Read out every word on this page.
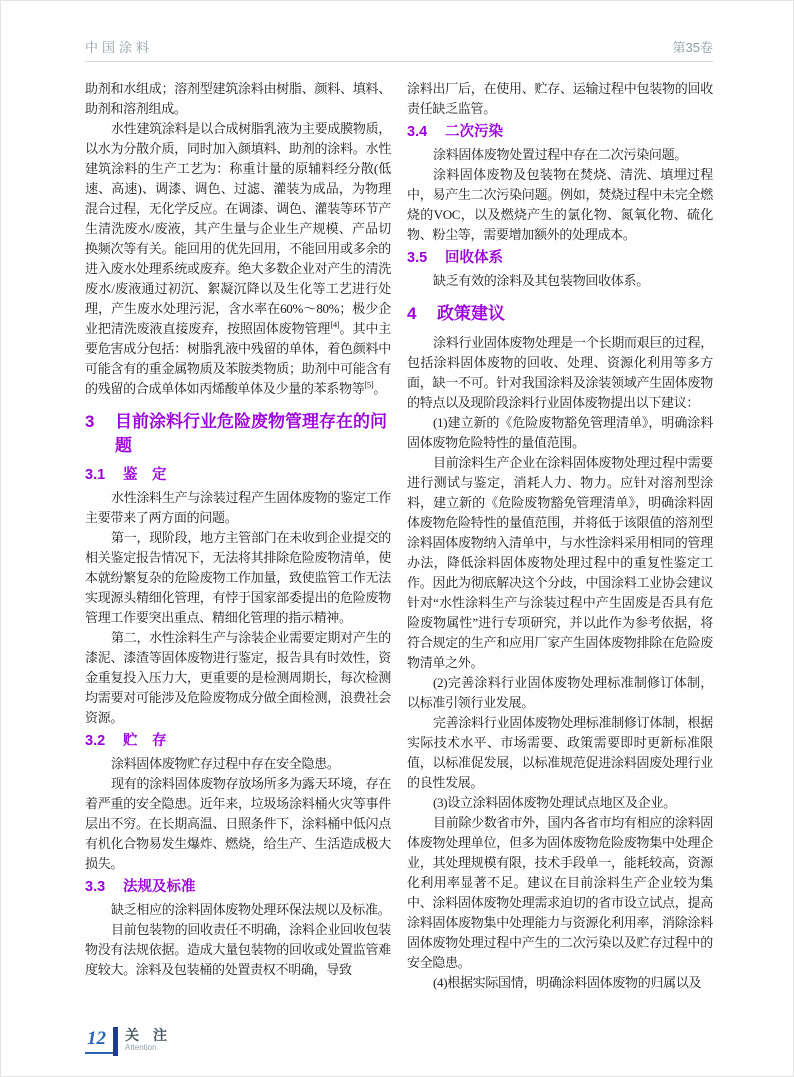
中国涂料	第35卷

助剂和水组成；溶剂型建筑涂料由树脂、颜料、填料、助剂和溶剂组成。

水性建筑涂料是以合成树脂乳液为主要成膜物质，以水为分散介质，同时加入颜填料、助剂的涂料。水性建筑涂料的生产工艺为：称重计量的原辅料经分散(低速、高速)、调漆、调色、过滤、灌装为成品，为物理混合过程，无化学反应。在调漆、调色、灌装等环节产生清洗废水/废液，其产生量与企业生产规模、产品切换频次等有关。能回用的优先回用，不能回用或多余的进入废水处理系统或废弃。绝大多数企业对产生的清洗废水/废液通过初沉、絮凝沉降以及生化等工艺进行处理，产生废水处理污泥，含水率在60%～80%；极少企业把清洗废液直接废弃，按照固体废物管理[4]。其中主要危害成分包括：树脂乳液中残留的单体，着色颜料中可能含有的重金属物质及苯胺类物质；助剂中可能含有的残留的合成单体如丙烯酸单体及少量的苯系物等[5]。

3	目前涂料行业危险废物管理存在的问题
3.1	鉴　定

水性涂料生产与涂装过程产生固体废物的鉴定工作主要带来了两方面的问题。

第一，现阶段，地方主管部门在未收到企业提交的相关鉴定报告情况下，无法将其排除危险废物清单，使本就纷繁复杂的危险废物工作加量，致使监管工作无法实现源头精细化管理，有悖于国家部委提出的危险废物管理工作要突出重点、精细化管理的指示精神。

第二，水性涂料生产与涂装企业需要定期对产生的漆泥、漆渣等固体废物进行鉴定，报告具有时效性，资金重复投入压力大，更重要的是检测周期长，每次检测均需要对可能涉及危险废物成分做全面检测，浪费社会资源。

3.2	贮　存

涂料固体废物贮存过程中存在安全隐患。

现有的涂料固体废物存放场所多为露天环境，存在着严重的安全隐患。近年来，垃圾场涂料桶火灾等事件层出不穷。在长期高温、日照条件下，涂料桶中低闪点有机化合物易发生爆炸、燃烧，给生产、生活造成极大损失。

3.3	法规及标准

缺乏相应的涂料固体废物处理环保法规以及标准。

目前包装物的回收责任不明确，涂料企业回收包装物没有法规依据。造成大量包装物的回收或处置监管难度较大。涂料及包装桶的处置责权不明确，导致

涂料出厂后，在使用、贮存、运输过程中包装物的回收责任缺乏监管。

3.4	二次污染

涂料固体废物处置过程中存在二次污染问题。

涂料固体废物及包装物在焚烧、清洗、填埋过程中，易产生二次污染问题。例如，焚烧过程中未完全燃烧的VOC，以及燃烧产生的氯化物、氮氧化物、硫化物、粉尘等，需要增加额外的处理成本。

3.5	回收体系

缺乏有效的涂料及其包装物回收体系。

4	政策建议

涂料行业固体废物处理是一个长期而艰巨的过程，包括涂料固体废物的回收、处理、资源化利用等多方面，缺一不可。针对我国涂料及涂装领域产生固体废物的特点以及现阶段涂料行业固体废物提出以下建议：

(1)建立新的《危险废物豁免管理清单》，明确涂料固体废物危险特性的量值范围。

目前涂料生产企业在涂料固体废物处理过程中需要进行测试与鉴定，消耗人力、物力。应针对溶剂型涂料，建立新的《危险废物豁免管理清单》，明确涂料固体废物危险特性的量值范围，并将低于该限值的溶剂型涂料固体废物纳入清单中，与水性涂料采用相同的管理办法，降低涂料固体废物处理过程中的重复性鉴定工作。因此为彻底解决这个分歧，中国涂料工业协会建议针对“水性涂料生产与涂装过程中产生固废是否具有危险废物属性”进行专项研究，并以此作为参考依据，将符合规定的生产和应用厂家产生固体废物排除在危险废物清单之外。

(2)完善涂料行业固体废物处理标准制修订体制，以标准引领行业发展。

完善涂料行业固体废物处理标准制修订体制，根据实际技术水平、市场需要、政策需要即时更新标准限值，以标准促发展，以标准规范促进涂料固废处理行业的良性发展。

(3)设立涂料固体废物处理试点地区及企业。

目前除少数省市外，国内各省市均有相应的涂料固体废物处理单位，但多为固体废物危险废物集中处理企业，其处理规模有限，技术手段单一，能耗较高，资源化利用率显著不足。建议在目前涂料生产企业较为集中、涂料固体废物处理需求迫切的省市设立试点，提高涂料固体废物集中处理能力与资源化利用率，消除涂料固体废物处理过程中产生的二次污染以及贮存过程中的安全隐患。

(4)根据实际国情，明确涂料固体废物的归属以及

12	关　注
Attention
